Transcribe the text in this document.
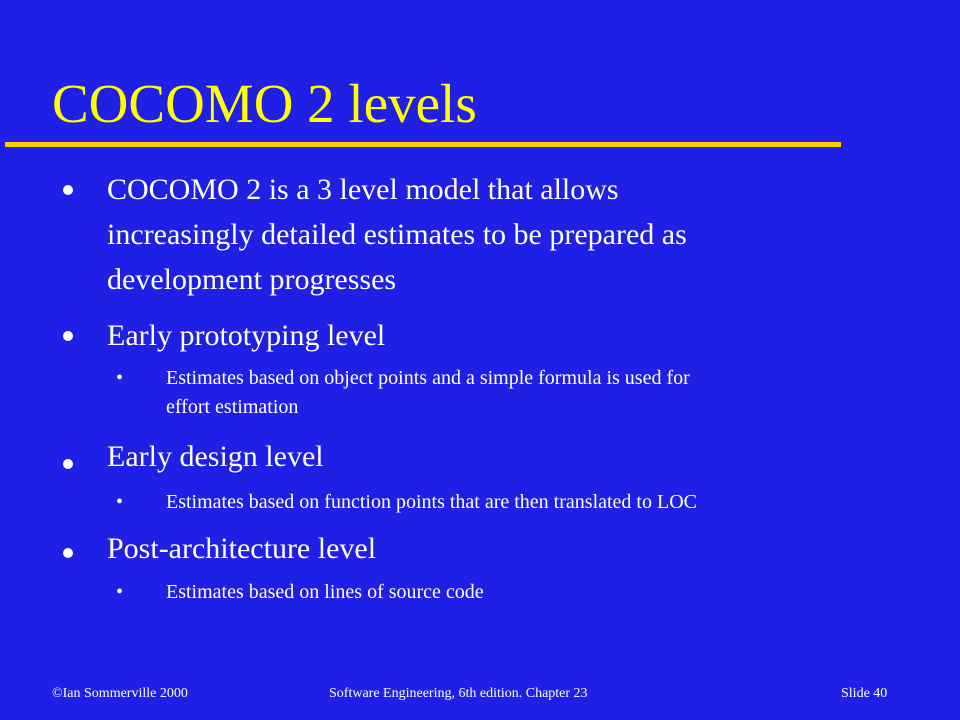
COCOMO 2 levels
COCOMO 2 is a 3 level model that allows
increasingly detailed estimates to be prepared as
development progresses
Early prototyping level
• Estimates based on object points and a simple formula is used for
effort estimation
Early design level
• Estimates based on function points that are then translated to LOC
Post-architecture level
• Estimates based on lines of source code
©Ian Sommerville 2000	Software Engineering, 6th edition. Chapter 23	Slide 40
